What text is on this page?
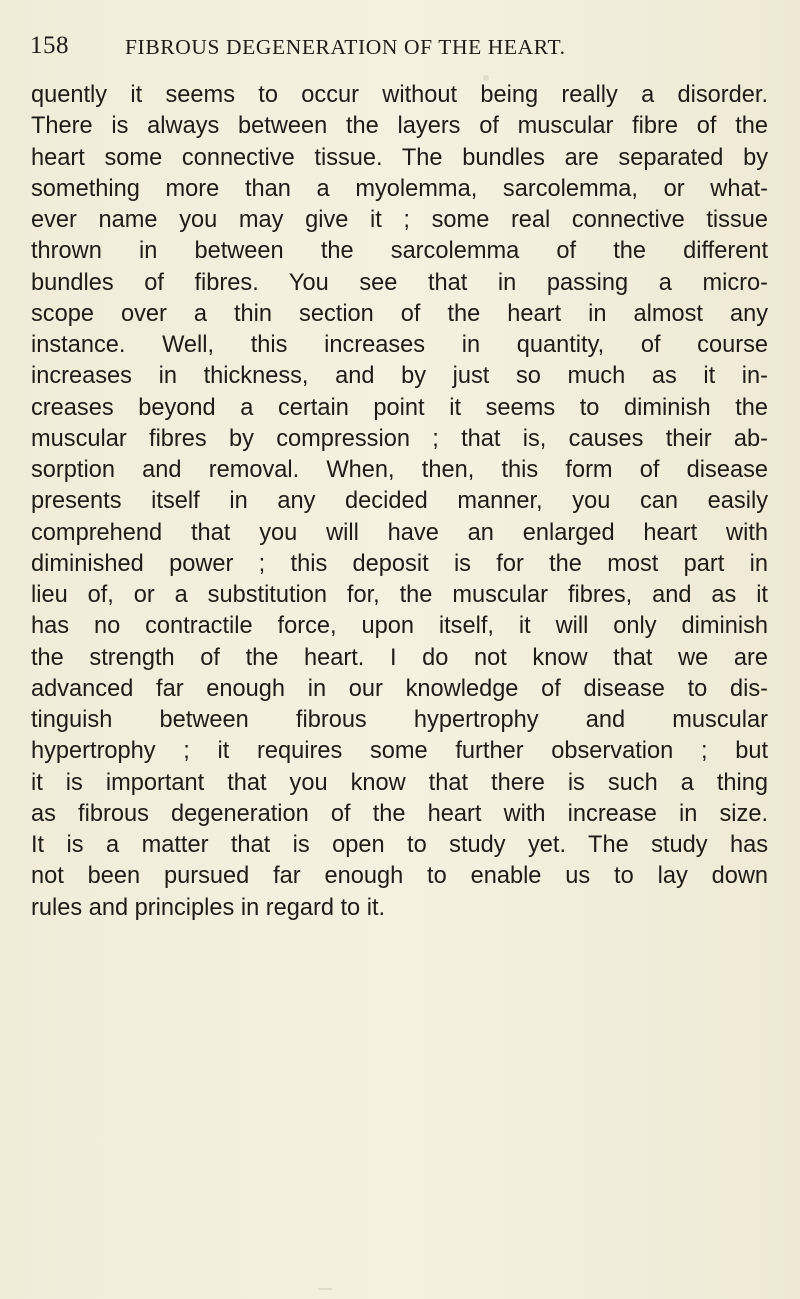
158	FIBROUS DEGENERATION OF THE HEART.
quently it seems to occur without being really a disorder.
There is always between the layers of muscular fibre of the
heart some connective tissue. The bundles are separated by
something more than a myolemma, sarcolemma, or what-
ever name you may give it ; some real connective tissue
thrown in between the sarcolemma of the different
bundles of fibres. You see that in passing a micro-
scope over a thin section of the heart in almost any
instance. Well, this increases in quantity, of course
increases in thickness, and by just so much as it in-
creases beyond a certain point it seems to diminish the
muscular fibres by compression ; that is, causes their ab-
sorption and removal. When, then, this form of disease
presents itself in any decided manner, you can easily
comprehend that you will have an enlarged heart with
diminished power ; this deposit is for the most part in
lieu of, or a substitution for, the muscular fibres, and as it
has no contractile force, upon itself, it will only diminish
the strength of the heart. I do not know that we are
advanced far enough in our knowledge of disease to dis-
tinguish between fibrous hypertrophy and muscular
hypertrophy ; it requires some further observation ; but
it is important that you know that there is such a thing
as fibrous degeneration of the heart with increase in size.
It is a matter that is open to study yet. The study has
not been pursued far enough to enable us to lay down
rules and principles in regard to it.
